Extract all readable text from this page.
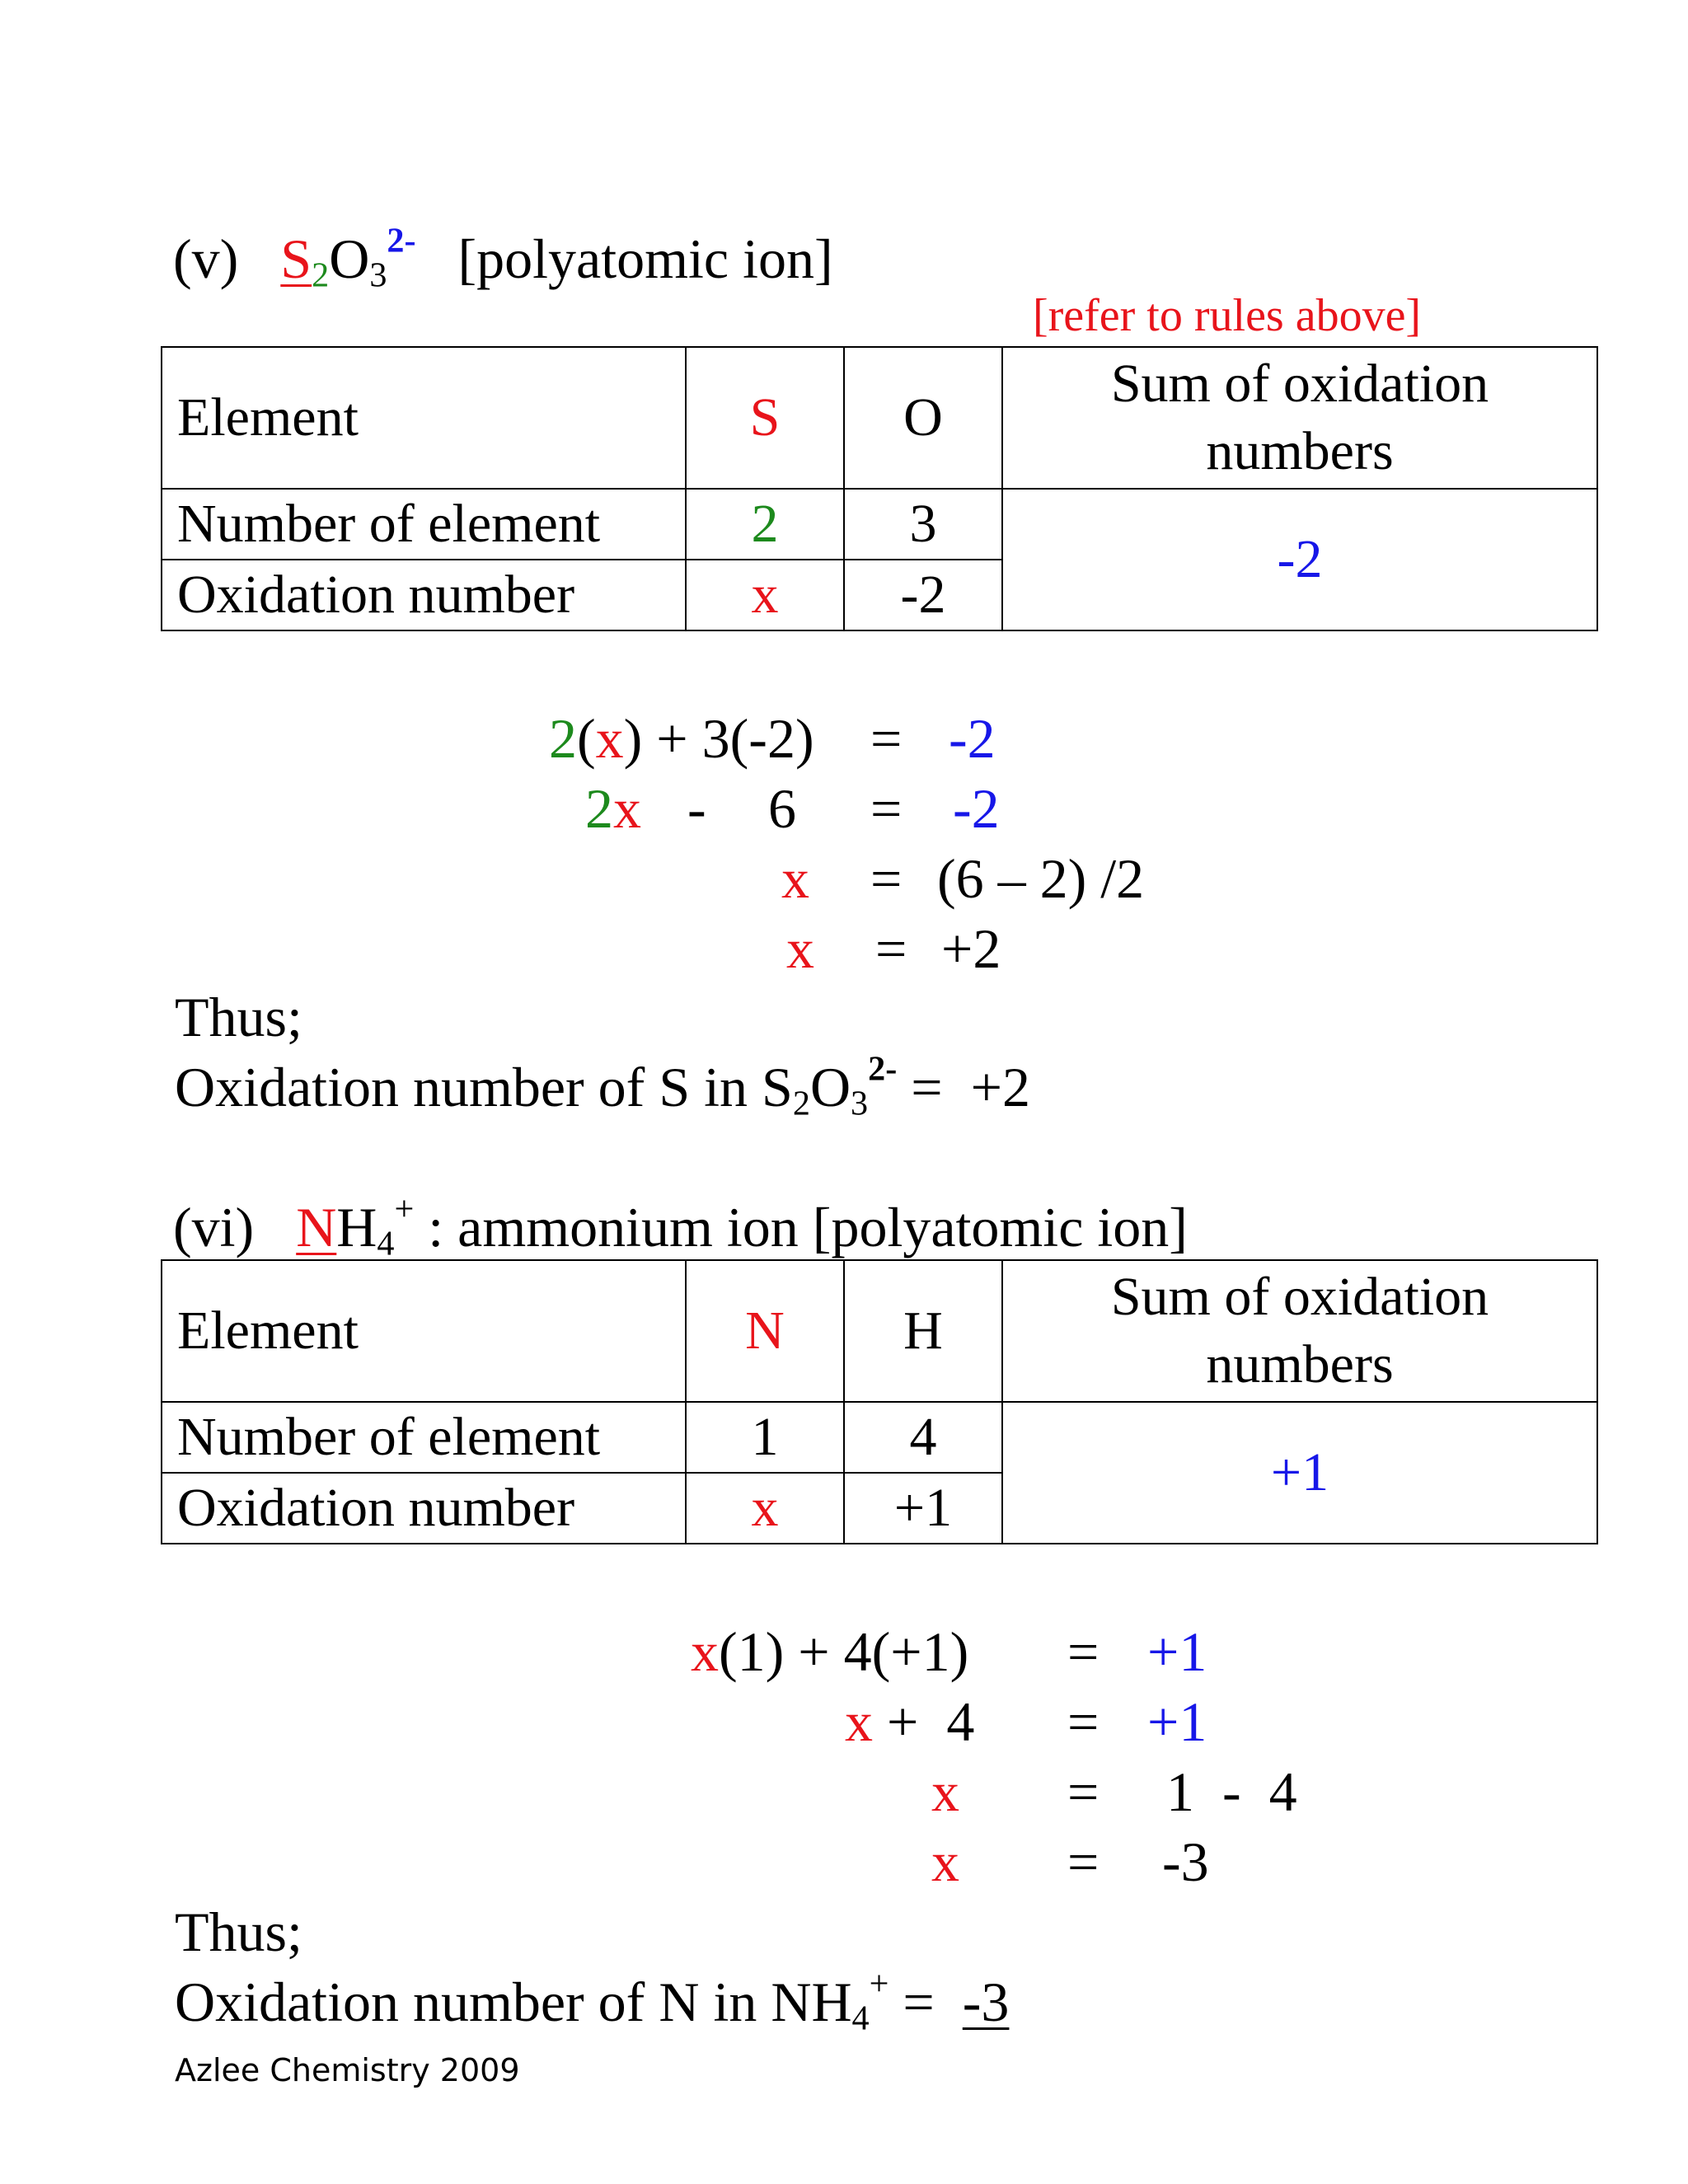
(v) $S_2O_3^{2-}$ [polyatomic ion]
[refer to rules above]
Element	S	O	Sum of oxidation numbers
Number of element	2	3	-2
Oxidation number	x	-2	
2(x) + 3(-2) = -2
2x - 6 = -2
x = (6 – 2) /2
x = +2
Thus;
Oxidation number of S in $S_2O_3^{2-} = +2$
(vi) $NH_4^+$ : ammonium ion [polyatomic ion]
Element	N	H	Sum of oxidation numbers
Number of element	1	4	+1
Oxidation number	x	+1	
x(1) + 4(+1) = +1
x +  4 = +1
x = 1  -  4
x = -3
Thus;
Oxidation number of N in $NH_4^+ = -3$
Azlee Chemistry 2009
